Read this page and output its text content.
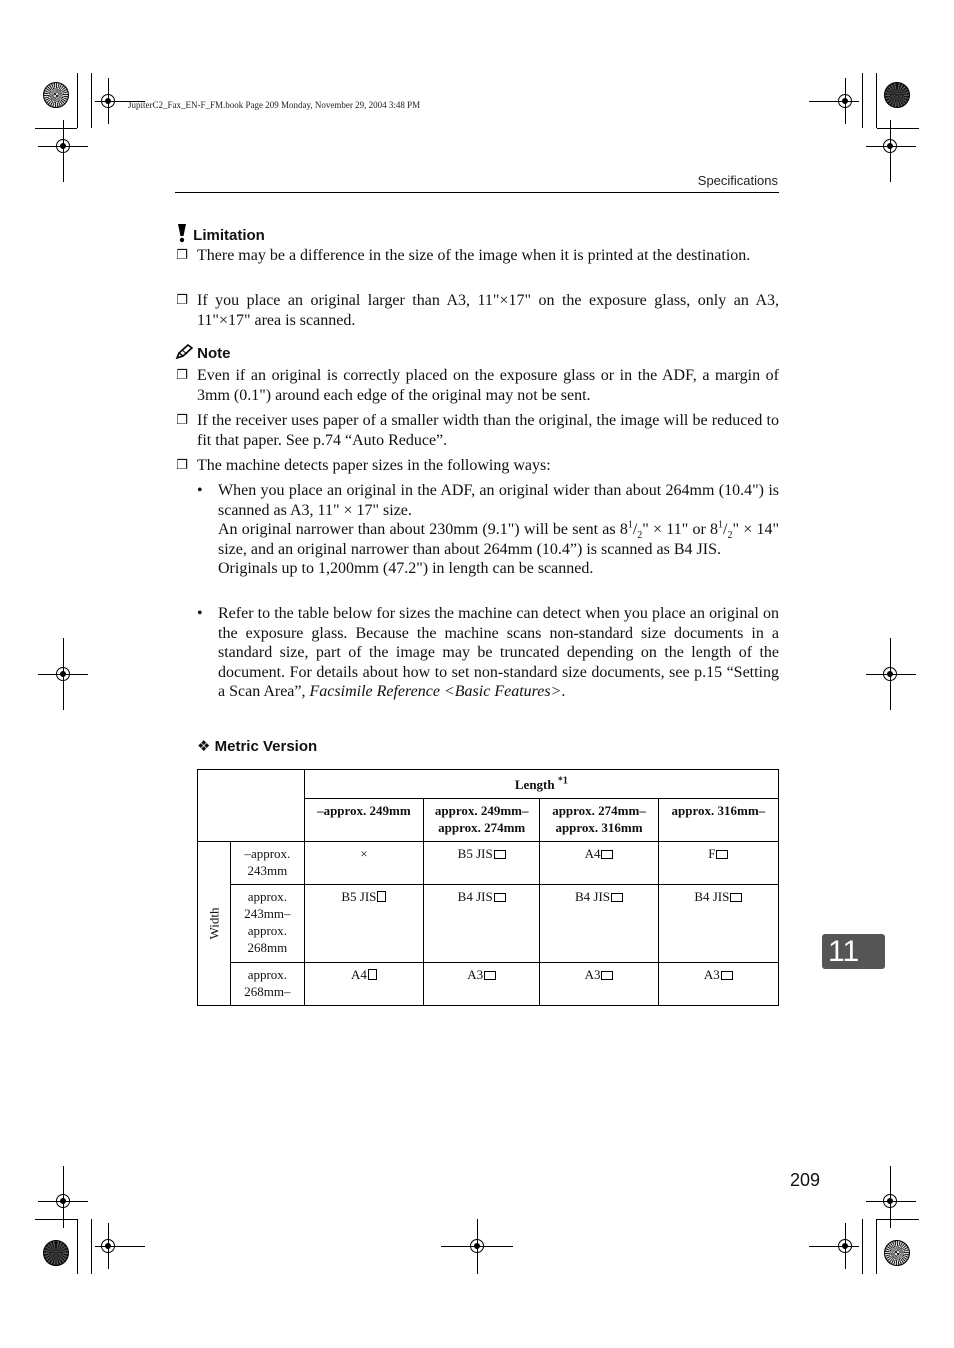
JupiterC2_Fax_EN-F_FM.book Page 209 Monday, November 29, 2004 3:48 PM
Specifications
Limitation
❐ There may be a difference in the size of the image when it is printed at the destination.
❐ If you place an original larger than A3, 11"×17" on the exposure glass, only an A3, 11"×17" area is scanned.
Note
❐ Even if an original is correctly placed on the exposure glass or in the ADF, a margin of 3mm (0.1") around each edge of the original may not be sent.
❐ If the receiver uses paper of a smaller width than the original, the image will be reduced to fit that paper. See p.74 “Auto Reduce”.
❐ The machine detects paper sizes in the following ways:
• When you place an original in the ADF, an original wider than about 264mm (10.4") is scanned as A3, 11" × 17" size.

An original narrower than about 230mm (9.1") will be sent as $8^1/_2$" × 11" or $8^1/_2$" × 14" size, and an original narrower than about 264mm (10.4”) is scanned as B4 JIS.

Originals up to 1,200mm (47.2") in length can be scanned.

• Refer to the table below for sizes the machine can detect when you place an original on the exposure glass. Because the machine scans non-standard size documents in a standard size, part of the image may be truncated depending on the length of the document. For details about how to set non-standard size documents, see p.15 “Setting a Scan Area”, Facsimile Reference <Basic Features>.
❖ Metric Version
		Length $^{*1}$
		–approx. 249mm	approx. 249mm– approx. 274mm	approx. 274mm– approx. 316mm	approx. 316mm–
Width	–approx. 243mm	×	B5 JIS	A4	F
	approx. 243mm– approx. 268mm	B5 JIS	B4 JIS	B4 JIS	B4 JIS
	approx. 268mm–	A4	A3	A3	A3
11
209
